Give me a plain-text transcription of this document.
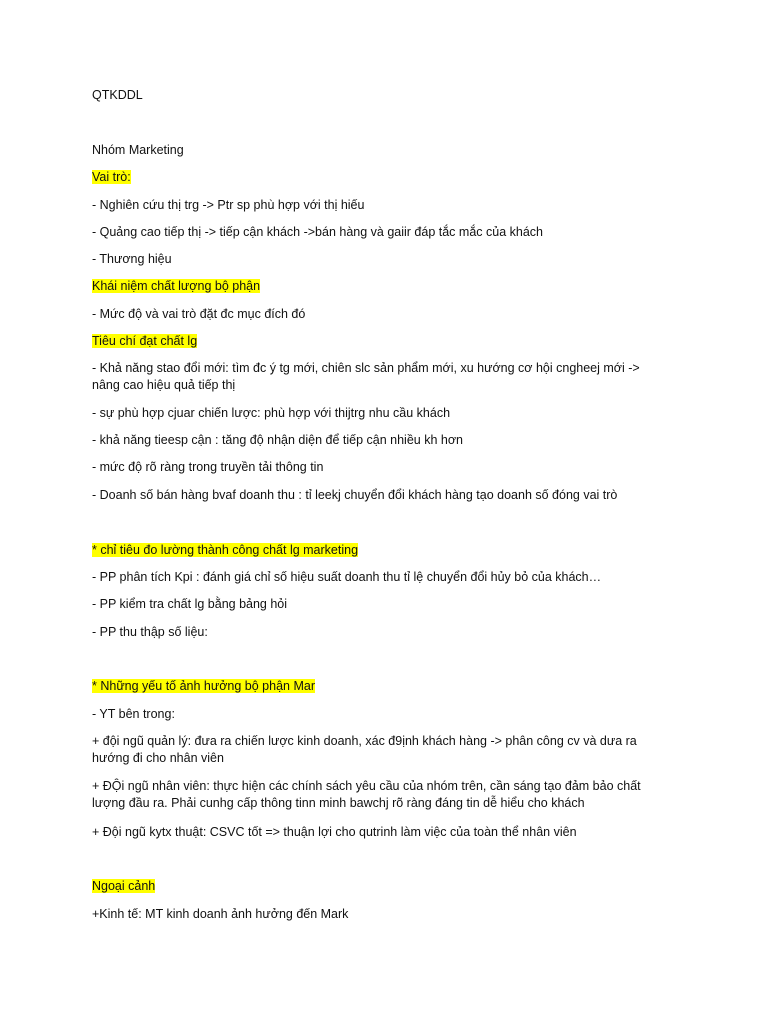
QTKDDL
Nhóm Marketing
Vai trò:
- Nghiên cứu thị trg -> Ptr sp phù hợp với thị hiếu
- Quảng cao tiếp thị -> tiếp cận khách ->bán hàng và gaiir đáp tắc mắc của khách
- Thương hiệu
Khái niệm chất lượng bộ phận
- Mức độ và vai trò đặt đc mục đích đó
Tiêu chí đạt chất lg
- Khả năng stao đổi mới: tìm đc ý tg mới, chiên slc sản phẩm mới, xu hướng cơ hội cngheej mới -> nâng cao hiệu quả tiếp thị
- sự phù hợp cjuar chiến lược: phù hợp với thijtrg nhu cầu khách
- khả năng tieesp cận : tăng độ nhận diện để tiếp cận nhiều kh hơn
- mức độ rõ ràng trong truyền tải thông tin
- Doanh số bán hàng bvaf doanh thu : tỉ leekj chuyển đổi khách hàng tạo doanh số đóng vai trò
* chỉ tiêu đo lường thành công chất lg marketing
- PP phân tích Kpi : đánh giá chỉ số hiệu suất doanh thu tỉ lệ chuyển đổi hủy bỏ của khách…
- PP kiểm tra chất lg bằng bảng hỏi
- PP thu thập số liệu:
* Những yếu tố ảnh hưởng bộ phận Mar
- YT bên trong:
+ đội ngũ quản lý: đưa ra chiến lược kinh doanh, xác đ9ịnh khách hàng -> phân công cv và dưa ra hướng đi cho nhân viên
+ ĐỘi ngũ nhân viên: thực hiện các chính sách yêu cầu của nhóm trên, cần sáng tạo đảm bảo chất lượng đầu ra. Phải cunhg cấp thông tinn minh bawchj rõ ràng đáng tin dễ hiểu cho khách
+ Đội ngũ kytx thuật: CSVC tốt => thuận lợi cho qutrinh làm việc của toàn thể nhân viên
Ngoại cảnh
+Kinh tế: MT kinh doanh ảnh hưởng đến Mark
